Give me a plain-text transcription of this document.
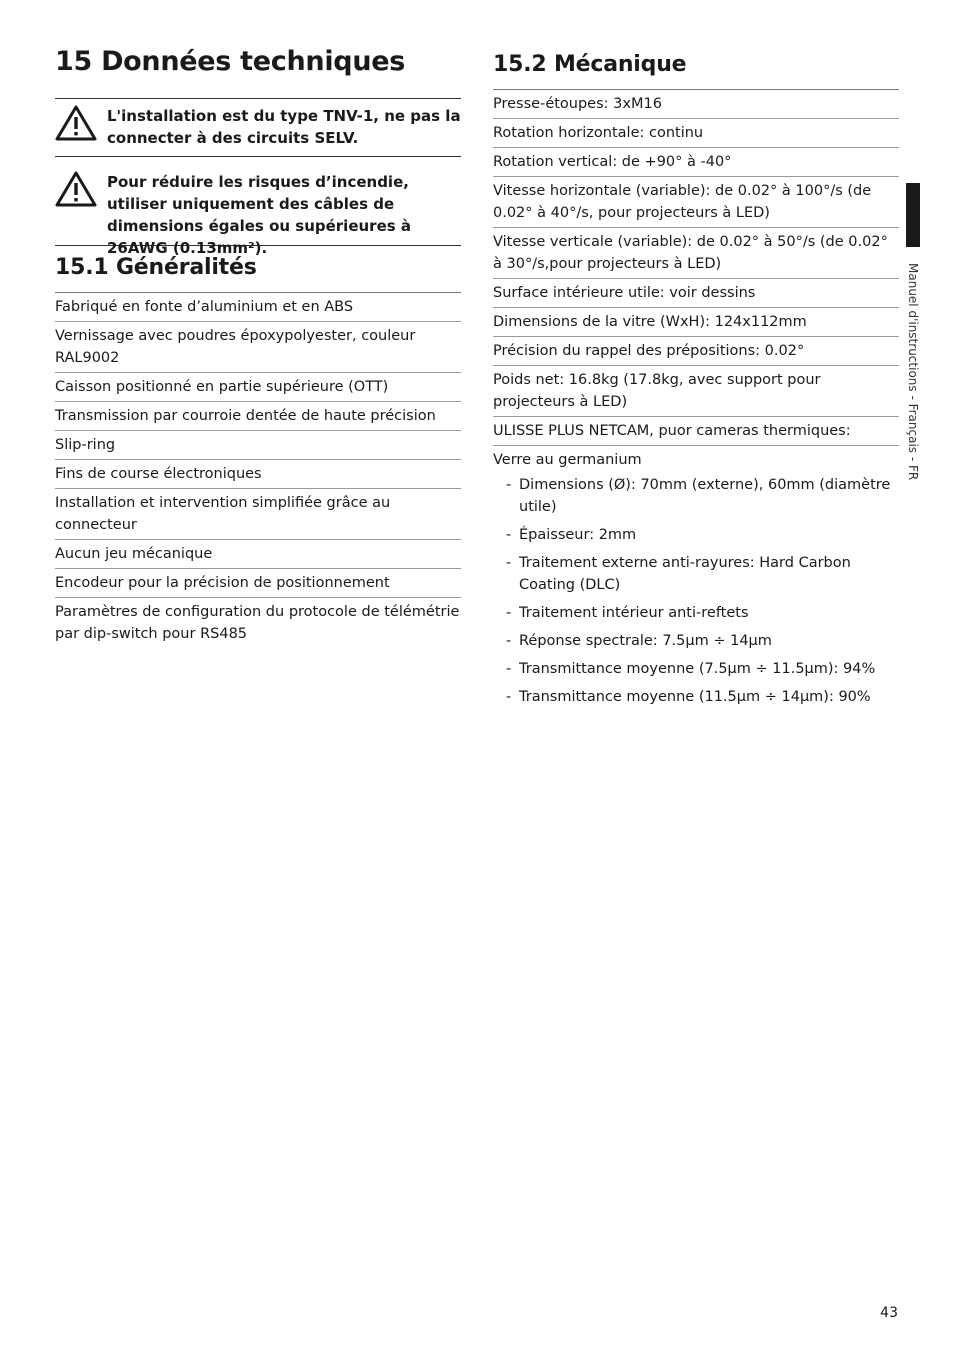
15 Données techniques
L'installation est du type TNV-1, ne pas la connecter à des circuits SELV.
Pour réduire les risques d’incendie, utiliser uniquement des câbles de dimensions égales ou supérieures à 26AWG (0.13mm²).
15.1 Généralités
Fabriqué en fonte d’aluminium et en ABS
Vernissage avec poudres époxypolyester, couleur RAL9002
Caisson positionné en partie supérieure (OTT)
Transmission par courroie dentée de haute précision
Slip-ring
Fins de course électroniques
Installation et intervention simplifiée grâce au connecteur
Aucun jeu mécanique
Encodeur pour la précision de positionnement
Paramètres de configuration du protocole de télémétrie par dip-switch pour RS485
15.2 Mécanique
Presse-étoupes: 3xM16
Rotation horizontale: continu
Rotation vertical: de +90° à -40°
Vitesse horizontale (variable): de 0.02° à 100°/s (de 0.02° à 40°/s, pour projecteurs à LED)
Vitesse verticale (variable): de 0.02° à 50°/s (de 0.02° à 30°/s,pour projecteurs à LED)
Surface intérieure utile: voir dessins
Dimensions de la vitre (WxH): 124x112mm
Précision du rappel des prépositions: 0.02°
Poids net: 16.8kg (17.8kg, avec support pour projecteurs à LED)
ULISSE PLUS NETCAM, puor cameras thermiques:
Verre au germanium
- Dimensions (Ø): 70mm (externe), 60mm (diamètre utile)
- Épaisseur: 2mm
- Traitement externe anti-rayures: Hard Carbon Coating (DLC)
- Traitement intérieur anti-reftets
- Réponse spectrale: 7.5µm ÷ 14µm
- Transmittance moyenne (7.5µm ÷ 11.5µm): 94%
- Transmittance moyenne (11.5µm ÷ 14µm): 90%
Manuel d'instructions - Français - FR
43
